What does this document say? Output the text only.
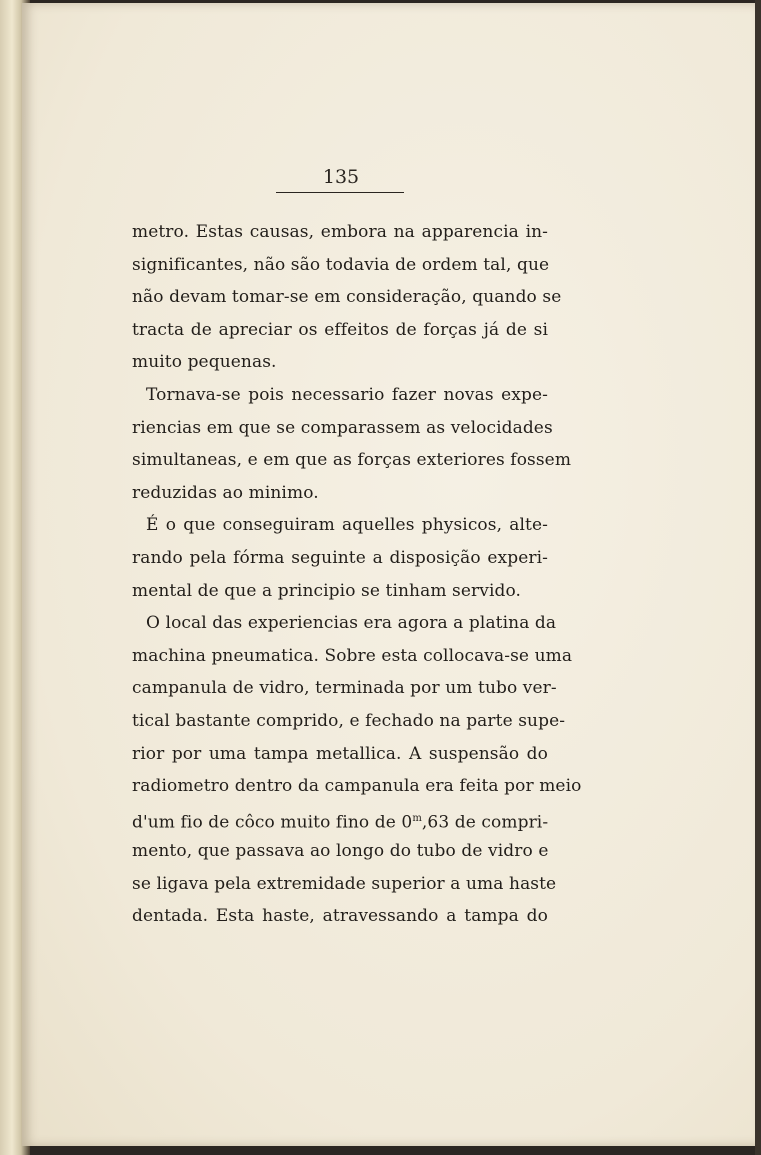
135
metro. Estas causas, embora na apparencia in-
significantes, não são todavia de ordem tal, que
não devam tomar-se em consideração, quando se
tracta de apreciar os effeitos de forças já de si
muito pequenas.
Tornava-se pois necessario fazer novas expe-
riencias em que se comparassem as velocidades
simultaneas, e em que as forças exteriores fossem
reduzidas ao minimo.
É o que conseguiram aquelles physicos, alte-
rando pela fórma seguinte a disposição experi-
mental de que a principio se tinham servido.
O local das experiencias era agora a platina da
machina pneumatica. Sobre esta collocava-se uma
campanula de vidro, terminada por um tubo ver-
tical bastante comprido, e fechado na parte supe-
rior por uma tampa metallica. A suspensão do
radiometro dentro da campanula era feita por meio
d'um fio de côco muito fino de 0$^m$,63 de compri-
mento, que passava ao longo do tubo de vidro e
se ligava pela extremidade superior a uma haste
dentada. Esta haste, atravessando a tampa do
